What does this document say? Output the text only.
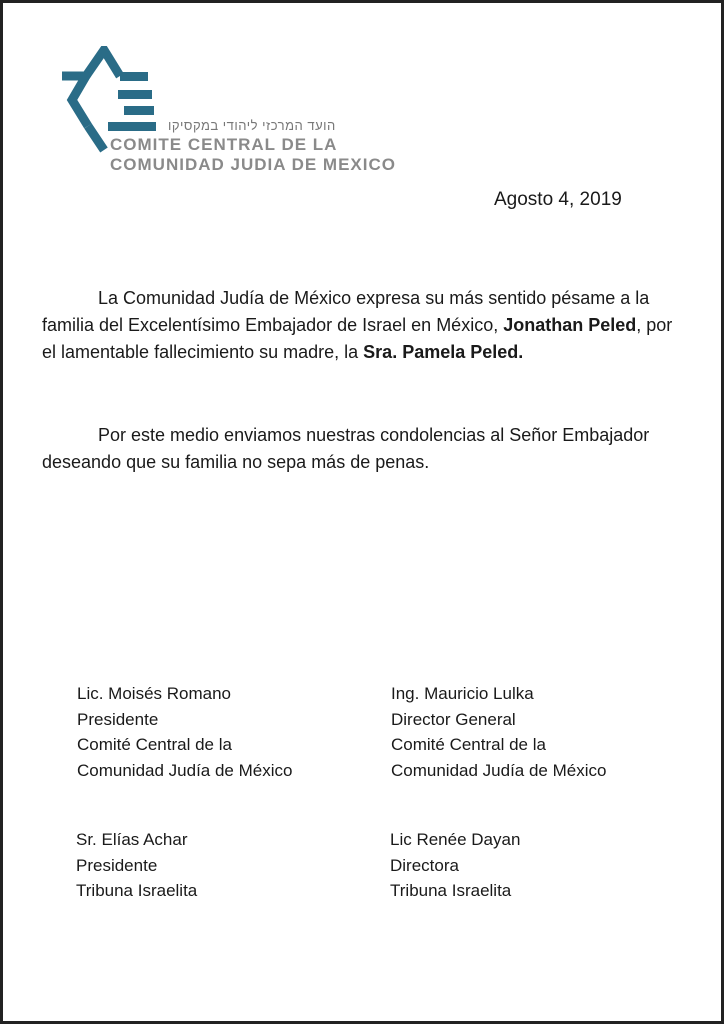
הועד המרכזי ליהודי במקסיקו
COMITE CENTRAL DE LA
COMUNIDAD JUDIA DE MEXICO
Agosto 4, 2019
La Comunidad Judía de México expresa su más sentido pésame a la familia del Excelentísimo Embajador de Israel en México, Jonathan Peled, por el lamentable fallecimiento su madre, la Sra. Pamela Peled.
Por este medio enviamos nuestras condolencias al Señor Embajador deseando que su familia no sepa más de penas.
Lic. Moisés Romano
Presidente
Comité Central de la
Comunidad Judía de México
Ing. Mauricio Lulka
Director General
Comité Central de la
Comunidad Judía de México
Sr. Elías Achar
Presidente
Tribuna Israelita
Lic Renée Dayan
Directora
Tribuna Israelita
